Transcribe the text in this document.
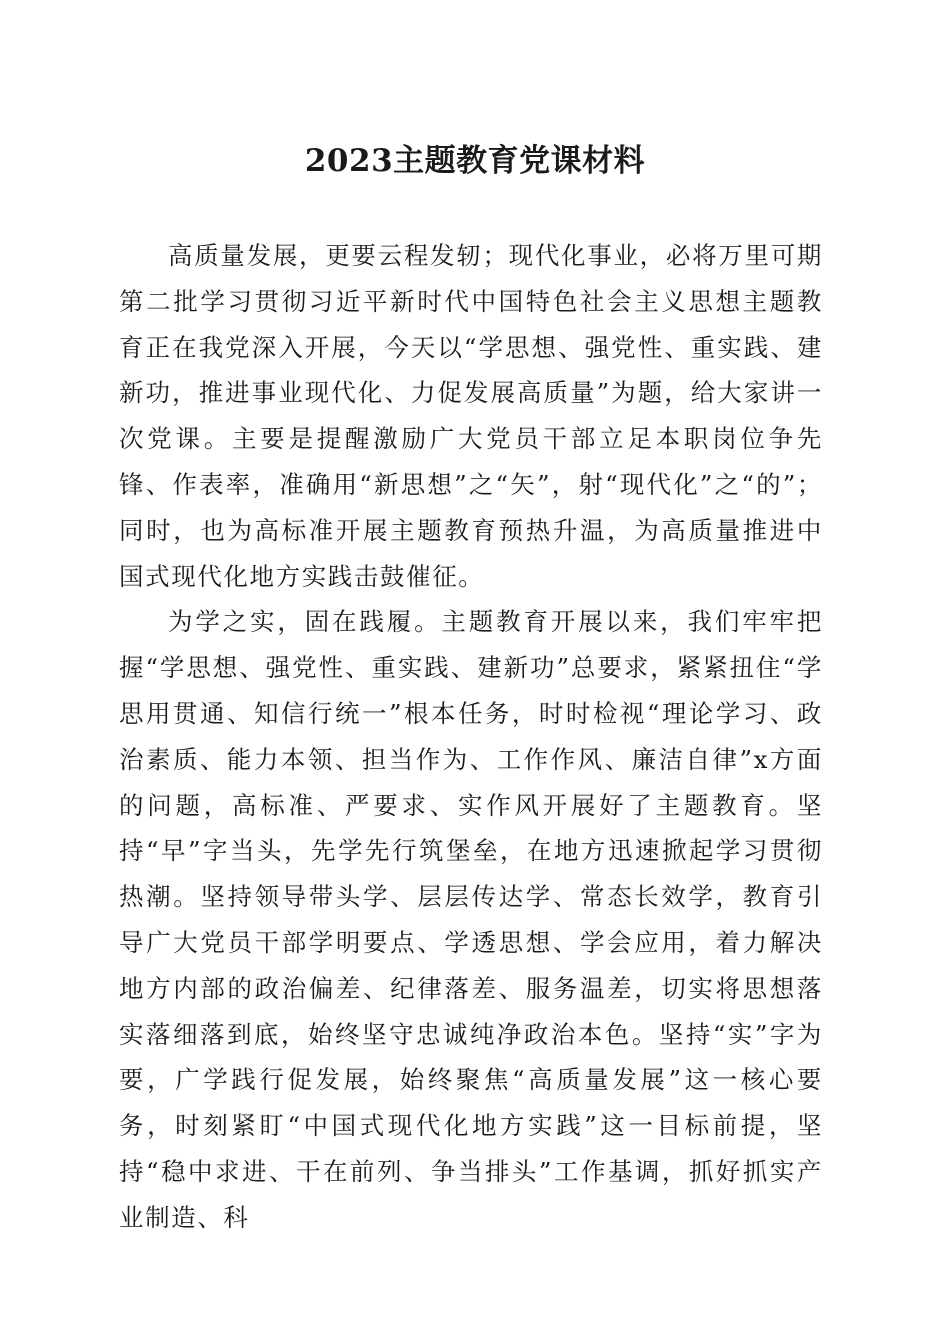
2023主题教育党课材料

高质量发展，更要云程发轫；现代化事业，必将万里可期第二批学习贯彻习近平新时代中国特色社会主义思想主题教育正在我党深入开展，今天以“学思想、强党性、重实践、建新功，推进事业现代化、力促发展高质量”为题，给大家讲一次党课。主要是提醒激励广大党员干部立足本职岗位争先锋、作表率，准确用“新思想”之“矢”，射“现代化”之“的”；同时，也为高标准开展主题教育预热升温，为高质量推进中国式现代化地方实践击鼓催征。

为学之实，固在践履。主题教育开展以来，我们牢牢把握“学思想、强党性、重实践、建新功”总要求，紧紧扭住“学思用贯通、知信行统一”根本任务，时时检视“理论学习、政治素质、能力本领、担当作为、工作作风、廉洁自律”x方面的问题，高标准、严要求、实作风开展好了主题教育。坚持“早”字当头，先学先行筑堡垒，在地方迅速掀起学习贯彻热潮。坚持领导带头学、层层传达学、常态长效学，教育引导广大党员干部学明要点、学透思想、学会应用，着力解决地方内部的政治偏差、纪律落差、服务温差，切实将思想落实落细落到底，始终坚守忠诚纯净政治本色。坚持“实”字为要，广学践行促发展，始终聚焦“高质量发展”这一核心要务，时刻紧盯“中国式现代化地方实践”这一目标前提，坚持“稳中求进、干在前列、争当排头”工作基调，抓好抓实产业制造、科
